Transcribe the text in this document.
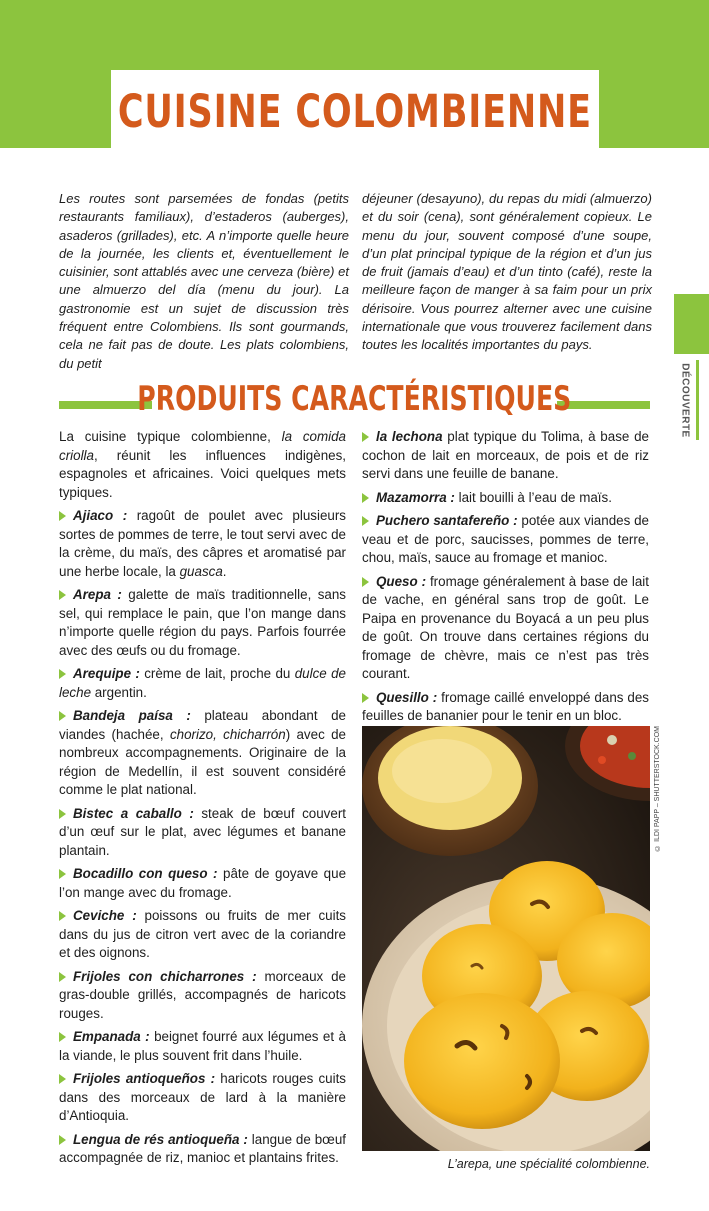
CUISINE COLOMBIENNE
Les routes sont parsemées de fondas (petits restaurants familiaux), d’estaderos (auberges), asaderos (grillades), etc. A n’importe quelle heure de la journée, les clients et, éventuellement le cuisinier, sont attablés avec une cerveza (bière) et une almuerzo del día (menu du jour). La gastronomie est un sujet de discussion très fréquent entre Colombiens. Ils sont gourmands, cela ne fait pas de doute. Les plats colombiens, du petit
déjeuner (desayuno), du repas du midi (almuerzo) et du soir (cena), sont généralement copieux. Le menu du jour, souvent composé d’une soupe, d’un plat principal typique de la région et d’un jus de fruit (jamais d’eau) et d’un tinto (café), reste la meilleure façon de manger à sa faim pour un prix dérisoire. Vous pourrez alterner avec une cuisine internationale que vous trouverez facilement dans toutes les localités importantes du pays.
DÉCOUVERTE
PRODUITS CARACTÉRISTIQUES

La cuisine typique colombienne, la comida criolla, réunit les influences indigènes, espagnoles et africaines. Voici quelques mets typiques.

Ajiaco : ragoût de poulet avec plusieurs sortes de pommes de terre, le tout servi avec de la crème, du maïs, des câpres et aromatisé par une herbe locale, la guasca.

Arepa : galette de maïs traditionnelle, sans sel, qui remplace le pain, que l’on mange dans n’importe quelle région du pays. Parfois fourrée avec des œufs ou du fromage.

Arequipe : crème de lait, proche du dulce de leche argentin.

Bandeja paísa : plateau abondant de viandes (hachée, chorizo, chicharrón) avec de nombreux accompagnements. Originaire de la région de Medellín, il est souvent considéré comme le plat national.

Bistec a caballo : steak de bœuf couvert d’un œuf sur le plat, avec légumes et banane plantain.

Bocadillo con queso : pâte de goyave que l’on mange avec du fromage.

Ceviche : poissons ou fruits de mer cuits dans du jus de citron vert avec de la coriandre et des oignons.

Frijoles con chicharrones : morceaux de gras-double grillés, accompagnés de haricots rouges.

Empanada : beignet fourré aux légumes et à la viande, le plus souvent frit dans l’huile.

Frijoles antioqueños : haricots rouges cuits dans des morceaux de lard à la manière d’Antioquia.

Lengua de rés antioqueña : langue de bœuf accompagnée de riz, manioc et plantains frites.

la lechona plat typique du Tolima, à base de cochon de lait en morceaux, de pois et de riz servi dans une feuille de banane.

Mazamorra : lait bouilli à l’eau de maïs.

Puchero santafereño : potée aux viandes de veau et de porc, saucisses, pommes de terre, chou, maïs, sauce au fromage et manioc.

Queso : fromage généralement à base de lait de vache, en général sans trop de goût. Le Paipa en provenance du Boyacá a un peu plus de goût. On trouve dans certaines régions du fromage de chèvre, mais ce n’est pas très courant.

Quesillo : fromage caillé enveloppé dans des feuilles de bananier pour le tenir en un bloc.

© ILDI PAPP – SHUTTERSTOCK.COM
L’arepa, une spécialité colombienne.
